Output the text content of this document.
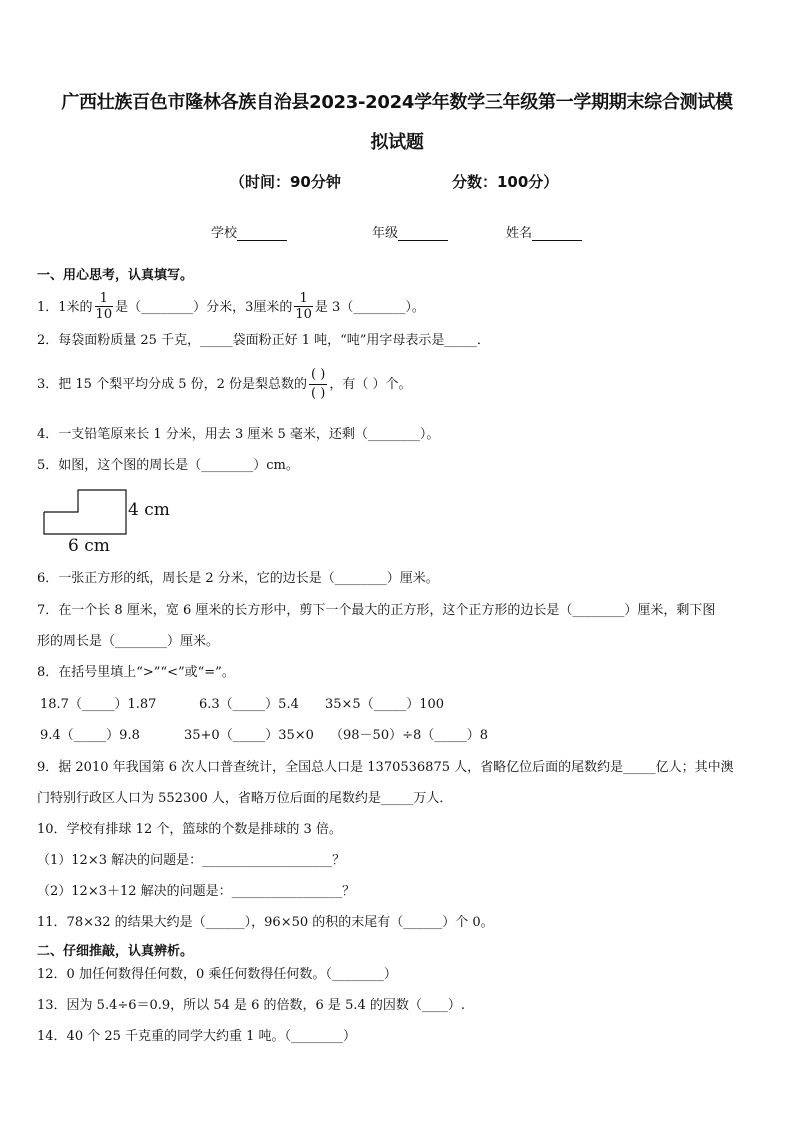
广西壮族百色市隆林各族自治县2023-2024学年数学三年级第一学期期末综合测试模
拟试题
（时间：90分钟	分数：100分）
学校	年级	姓名
一、用心思考，认真填写。
1．1米的 $\frac{1}{10}$ 是（________）分米，3厘米的 $\frac{1}{10}$ 是 3（________）。
2．每袋面粉质量 25 千克，_____袋面粉正好 1 吨，“吨”用字母表示是_____．
3．把 15 个梨平均分成 5 份，2 份是梨总数的 $\frac{( )}{( )}$ ，有（ ）个。
4．一支铅笔原来长 1 分米，用去 3 厘米 5 毫米，还剩（________）。
5．如图，这个图的周长是（________）cm。
4 cm
6 cm
6．一张正方形的纸，周长是 2 分米，它的边长是（________）厘米。
7．在一个长 8 厘米，宽 6 厘米的长方形中，剪下一个最大的正方形，这个正方形的边长是（________）厘米，剩下图
形的周长是（________）厘米。
8．在括号里填上“>”“<”或“=”。
18.7（_____）1.87	6.3（_____）5.4 35×5（_____）100
9.4（_____）9.8	35+0（_____）35×0 （98－50）÷8（_____）8
9．据 2010 年我国第 6 次人口普查统计，全国总人口是 1370536875 人，省略亿位后面的尾数约是_____亿人；其中澳
门特别行政区人口为 552300 人，省略万位后面的尾数约是_____万人．
10．学校有排球 12 个，篮球的个数是排球的 3 倍。
（1）12×3 解决的问题是：____________________？
（2）12×3＋12 解决的问题是：_________________？
11．78×32 的结果大约是（______），96×50 的积的末尾有（______）个 0。
二、仔细推敲，认真辨析。
12．0 加任何数得任何数，0 乘任何数得任何数。（________）
13．因为 5.4÷6＝0.9，所以 54 是 6 的倍数，6 是 5.4 的因数（____）.
14．40 个 25 千克重的同学大约重 1 吨。（________）
